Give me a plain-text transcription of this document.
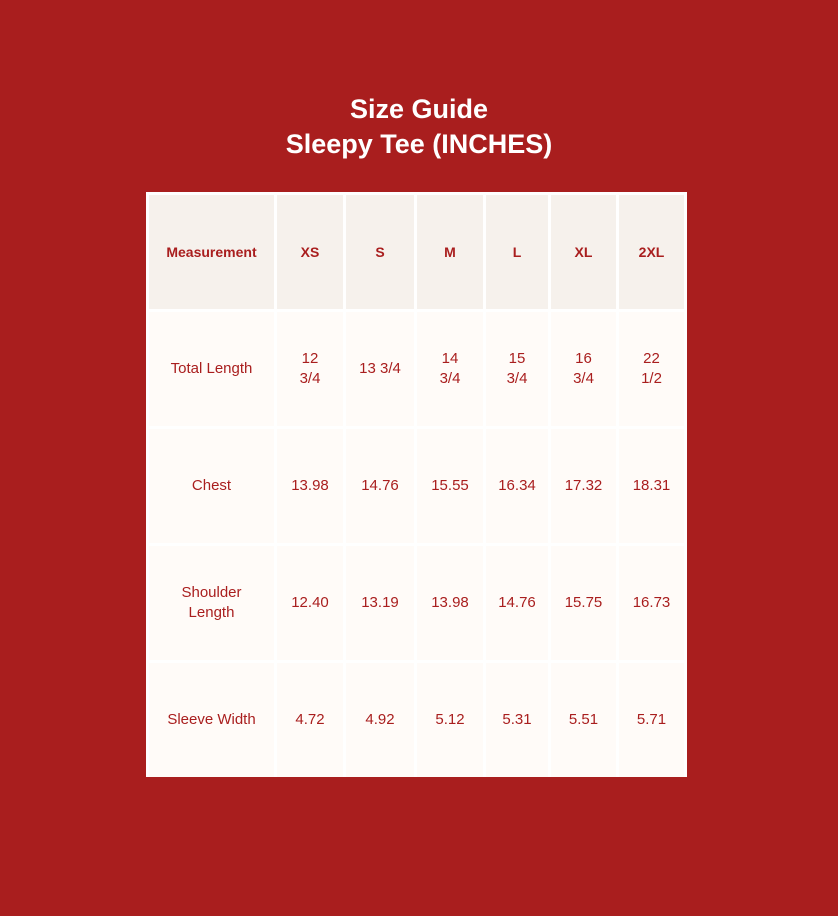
Size Guide
Sleepy Tee (INCHES)
Measurement	XS	S	M	L	XL	2XL
Total Length	12 3/4	13 3/4	14 3/4	15 3/4	16 3/4	22 1/2
Chest	13.98	14.76	15.55	16.34	17.32	18.31
Shoulder Length	12.40	13.19	13.98	14.76	15.75	16.73
Sleeve Width	4.72	4.92	5.12	5.31	5.51	5.71
